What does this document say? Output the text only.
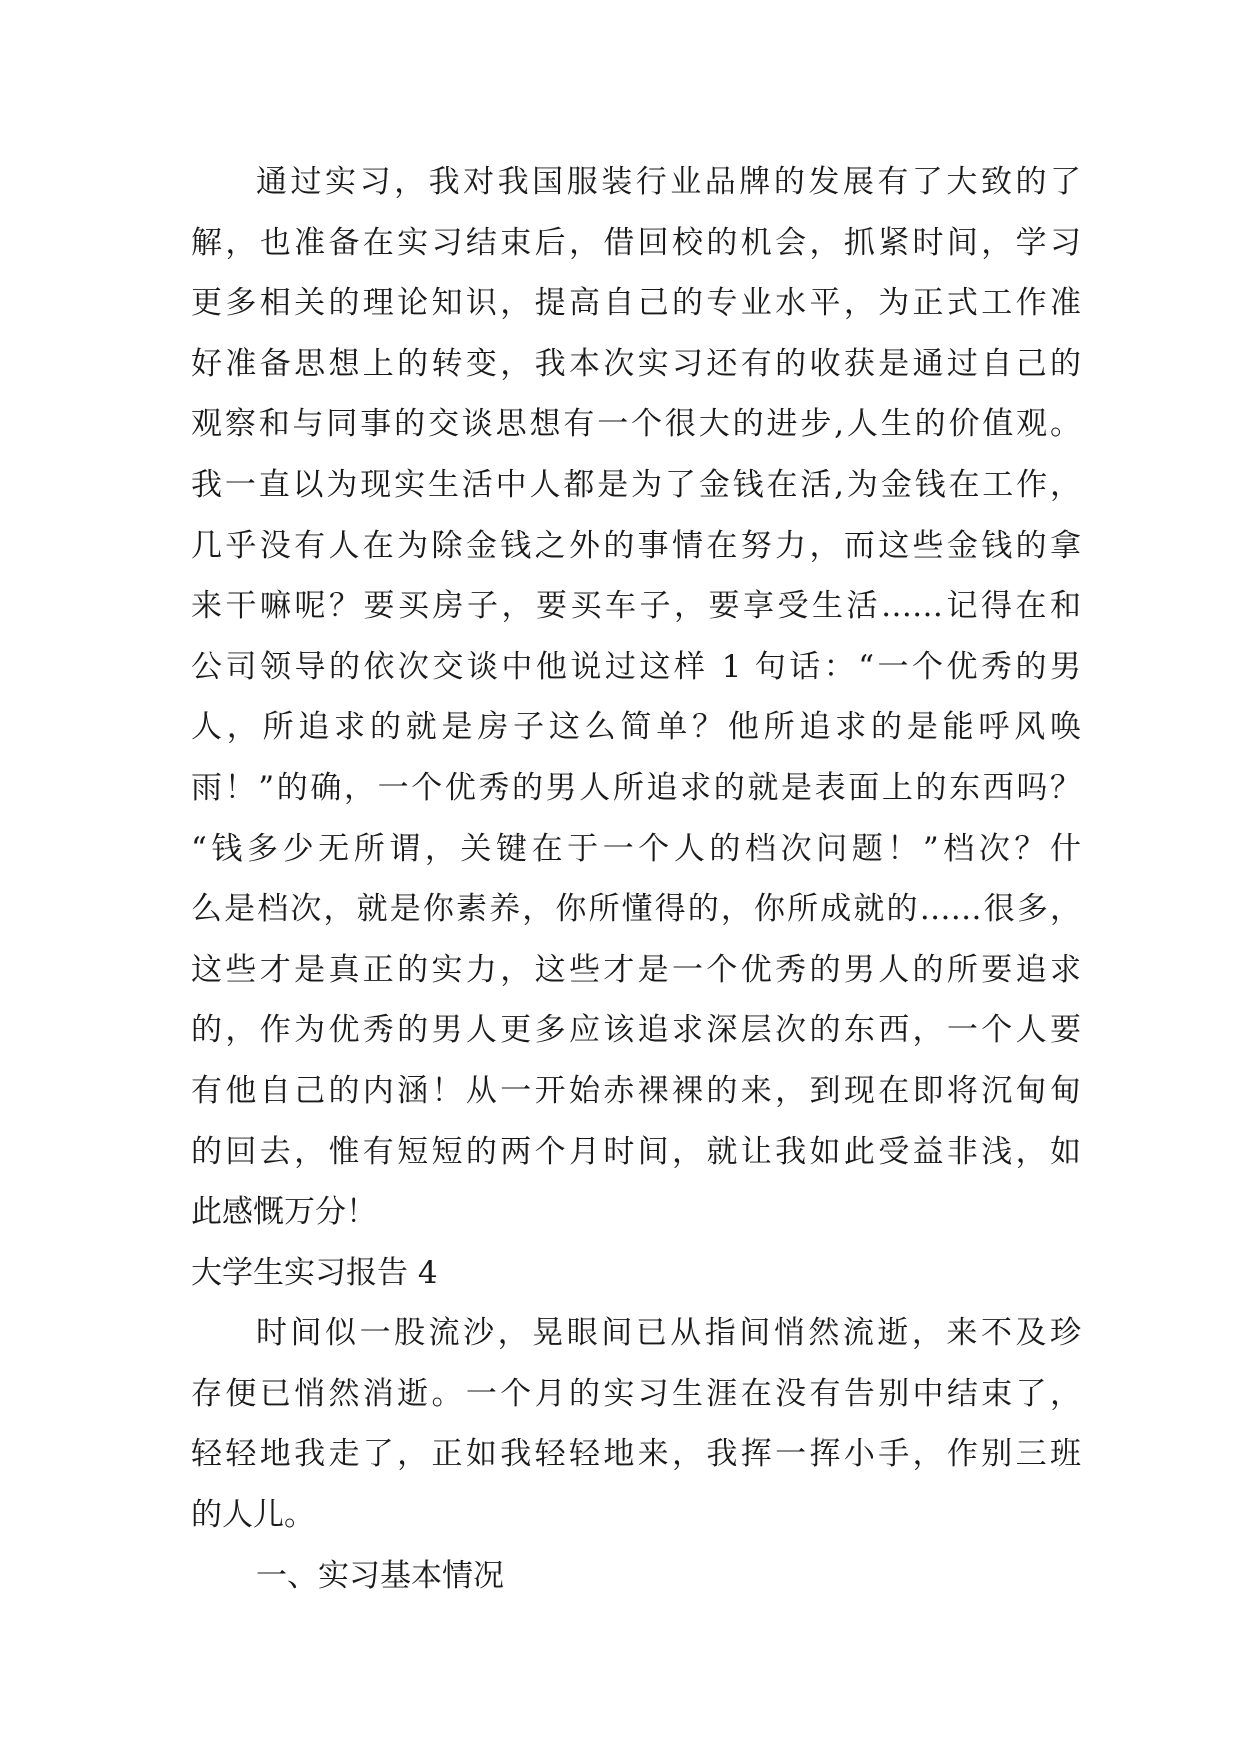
通过实习，我对我国服装行业品牌的发展有了大致的了
解，也准备在实习结束后，借回校的机会，抓紧时间，学习
更多相关的理论知识，提高自己的专业水平，为正式工作准
好准备思想上的转变，我本次实习还有的收获是通过自己的
观察和与同事的交谈思想有一个很大的进步,人生的价值观。
我一直以为现实生活中人都是为了金钱在活,为金钱在工作，
几乎没有人在为除金钱之外的事情在努力，而这些金钱的拿
来干嘛呢？要买房子，要买车子，要享受生活……记得在和
公司领导的依次交谈中他说过这样 1 句话：“一个优秀的男
人，所追求的就是房子这么简单？他所追求的是能呼风唤
雨！”的确，一个优秀的男人所追求的就是表面上的东西吗？
“钱多少无所谓，关键在于一个人的档次问题！”档次？什
么是档次，就是你素养，你所懂得的，你所成就的……很多，
这些才是真正的实力，这些才是一个优秀的男人的所要追求
的，作为优秀的男人更多应该追求深层次的东西，一个人要
有他自己的内涵！从一开始赤裸裸的来，到现在即将沉甸甸
的回去，惟有短短的两个月时间，就让我如此受益非浅，如
此感慨万分！
大学生实习报告 4
时间似一股流沙，晃眼间已从指间悄然流逝，来不及珍
存便已悄然消逝。一个月的实习生涯在没有告别中结束了，
轻轻地我走了，正如我轻轻地来，我挥一挥小手，作别三班
的人儿。
一、实习基本情况
